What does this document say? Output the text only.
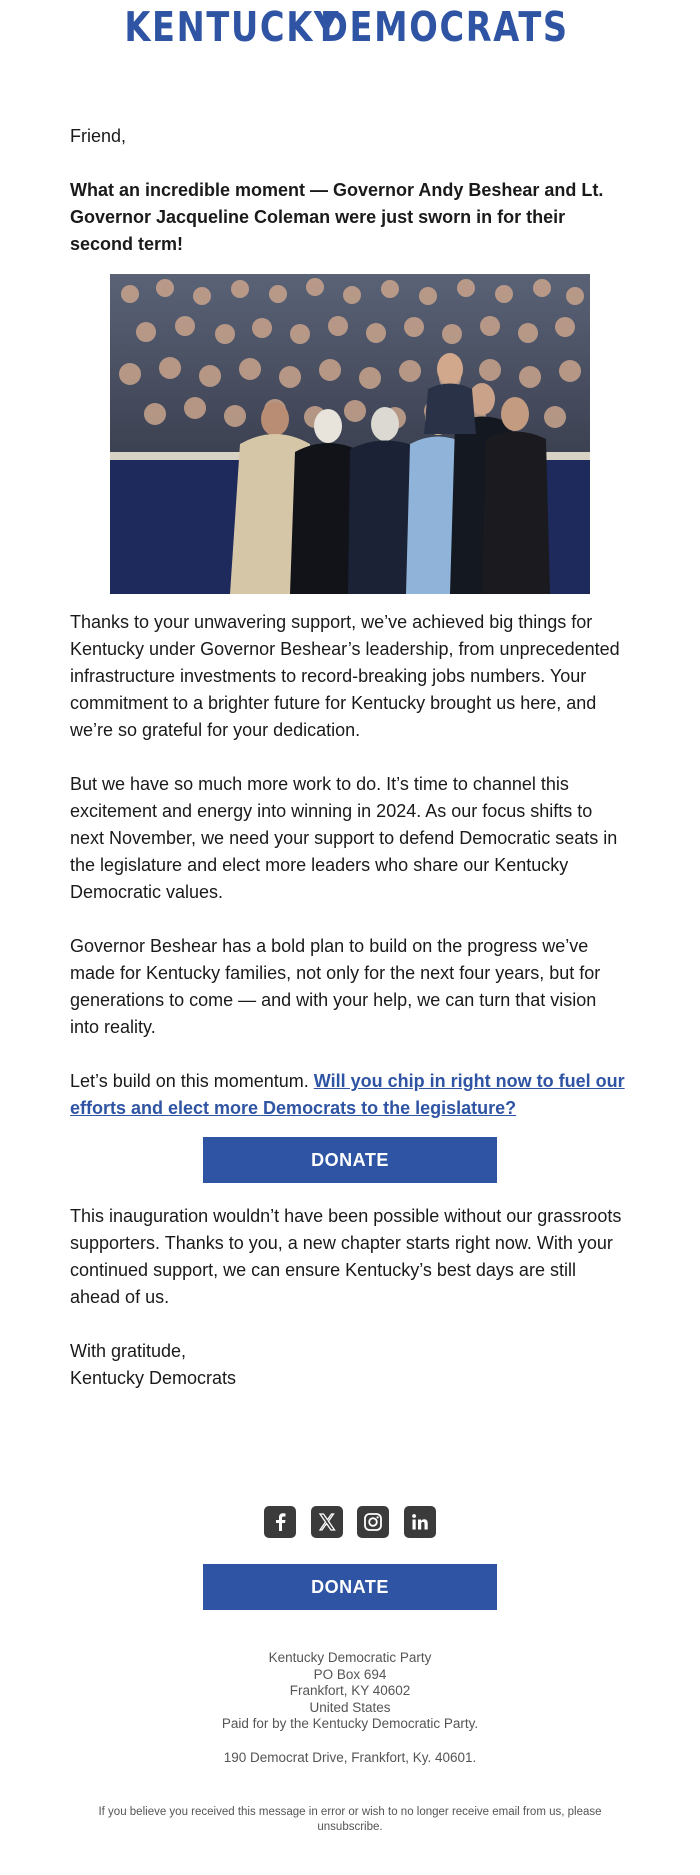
KENTUCKY
DEMOCRATS
Friend,
What an incredible moment — Governor Andy Beshear and Lt. Governor Jacqueline Coleman were just sworn in for their second term!
Thanks to your unwavering support, we’ve achieved big things for Kentucky under Governor Beshear’s leadership, from unprecedented infrastructure investments to record-breaking jobs numbers. Your commitment to a brighter future for Kentucky brought us here, and we’re so grateful for your dedication.
But we have so much more work to do. It’s time to channel this excitement and energy into winning in 2024. As our focus shifts to next November, we need your support to defend Democratic seats in the legislature and elect more leaders who share our Kentucky Democratic values.
Governor Beshear has a bold plan to build on the progress we’ve made for Kentucky families, not only for the next four years, but for generations to come — and with your help, we can turn that vision into reality.
Let’s build on this momentum. Will you chip in right now to fuel our efforts and elect more Democrats to the legislature?
DONATE
This inauguration wouldn’t have been possible without our grassroots supporters. Thanks to you, a new chapter starts right now. With your continued support, we can ensure Kentucky’s best days are still ahead of us.
With gratitude,
Kentucky Democrats
DONATE
Kentucky Democratic Party
PO Box 694
Frankfort, KY 40602
United States
Paid for by the Kentucky Democratic Party.
190 Democrat Drive, Frankfort, Ky. 40601.
If you believe you received this message in error or wish to no longer receive email from us, please unsubscribe.
